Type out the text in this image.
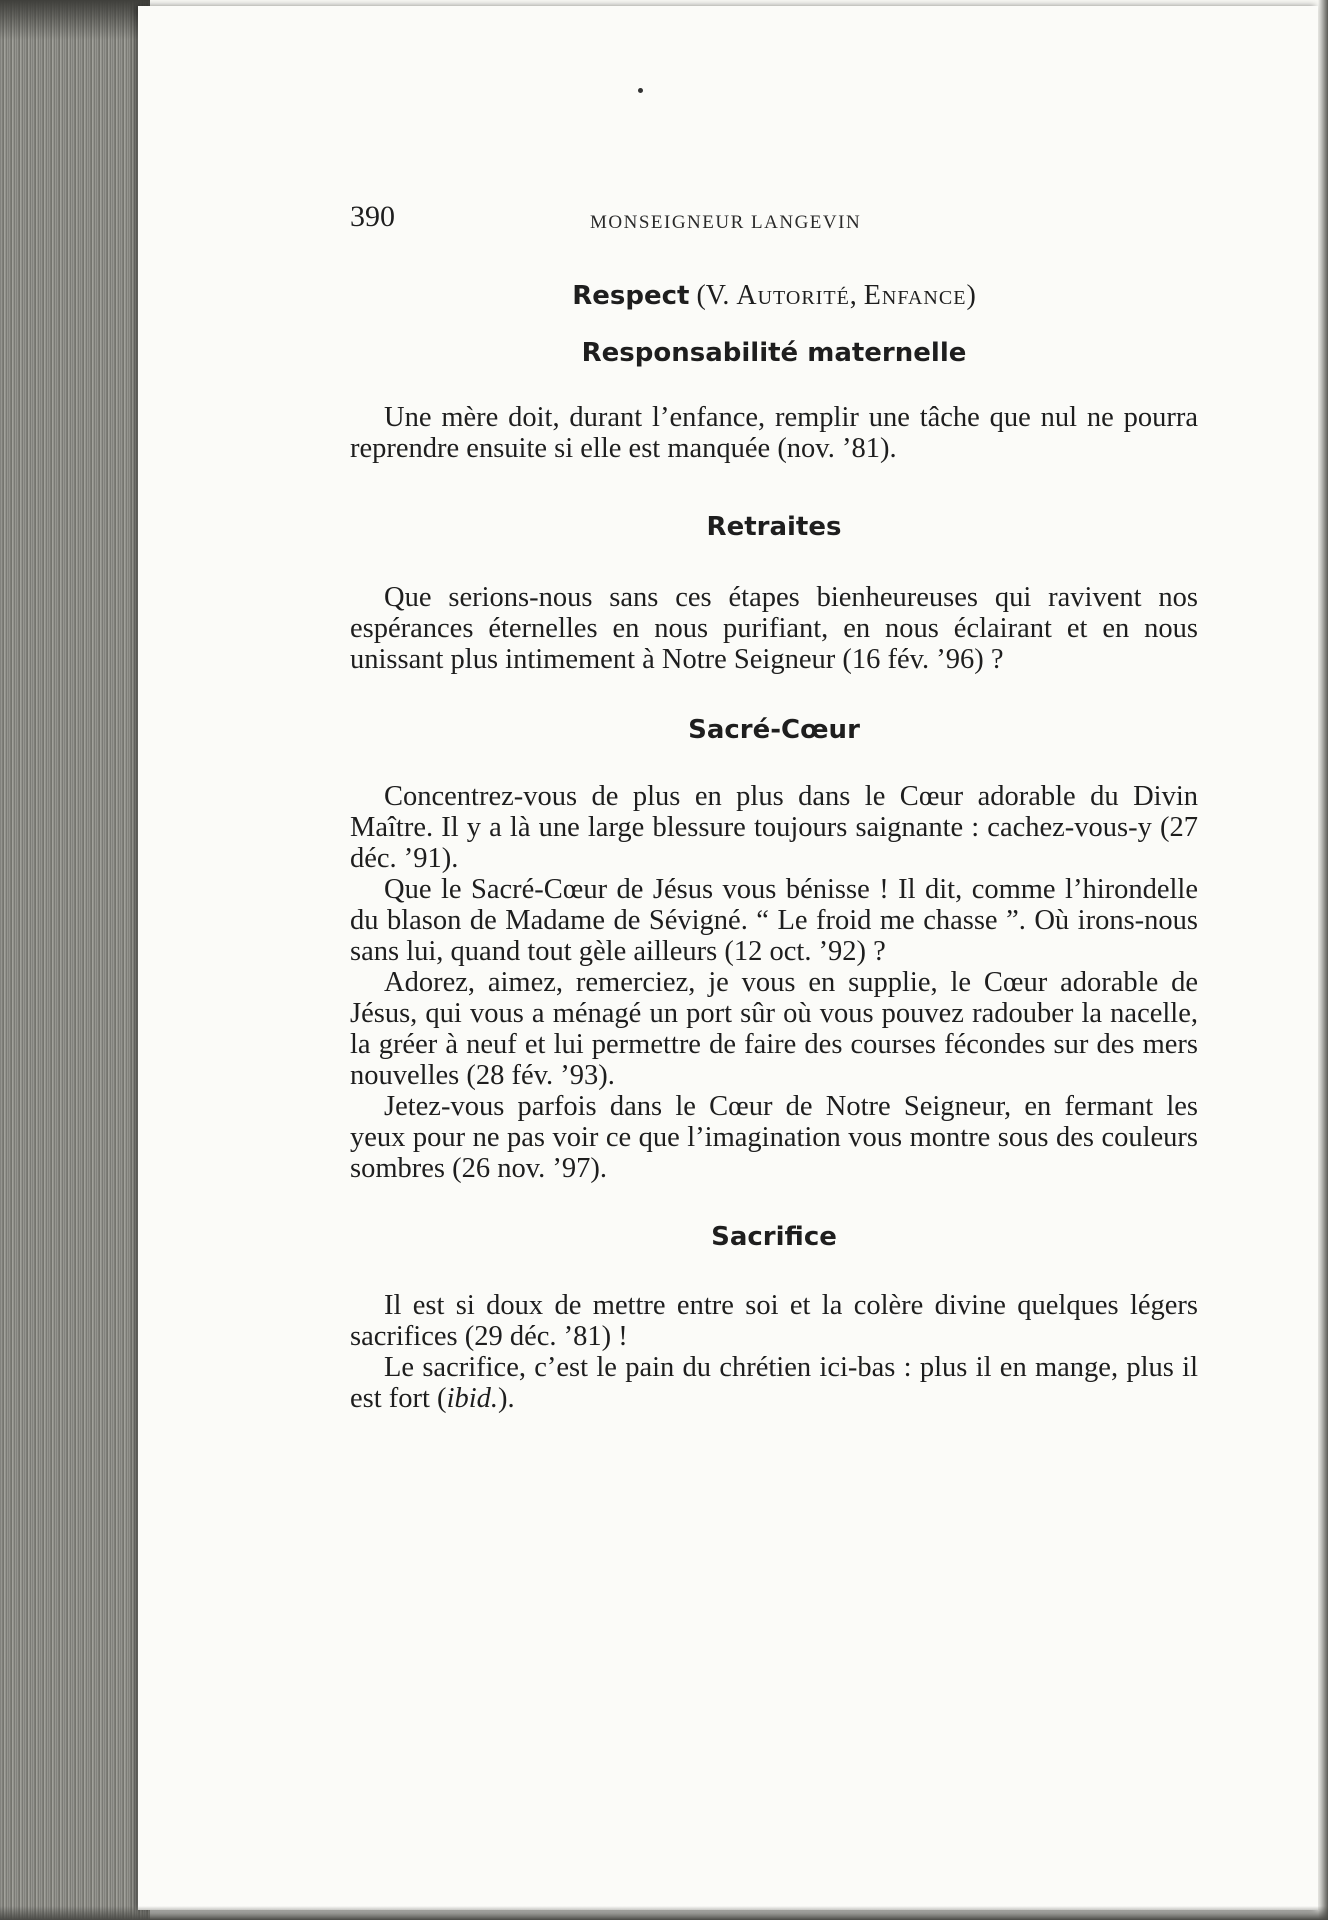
390	MONSEIGNEUR LANGEVIN
Respect (V. Autorité, Enfance)
Responsabilité maternelle

Une mère doit, durant l’enfance, remplir une tâche que nul ne pourra reprendre ensuite si elle est manquée (nov. ’81).

Retraites

Que serions-nous sans ces étapes bienheureuses qui ravivent nos espérances éternelles en nous purifiant, en nous éclairant et en nous unissant plus intimement à Notre Seigneur (16 fév. ’96) ?

Sacré-Cœur

Concentrez-vous de plus en plus dans le Cœur adorable du Divin Maître. Il y a là une large blessure toujours saignante : cachez-vous-y (27 déc. ’91).

Que le Sacré-Cœur de Jésus vous bénisse ! Il dit, comme l’hirondelle du blason de Madame de Sévigné. “ Le froid me chasse ”. Où irons-nous sans lui, quand tout gèle ailleurs (12 oct. ’92) ?

Adorez, aimez, remerciez, je vous en supplie, le Cœur adorable de Jésus, qui vous a ménagé un port sûr où vous pouvez radouber la nacelle, la gréer à neuf et lui permettre de faire des courses fécondes sur des mers nouvelles (28 fév. ’93).

Jetez-vous parfois dans le Cœur de Notre Seigneur, en fermant les yeux pour ne pas voir ce que l’imagination vous montre sous des couleurs sombres (26 nov. ’97).

Sacrifice

Il est si doux de mettre entre soi et la colère divine quelques légers sacrifices (29 déc. ’81) !

Le sacrifice, c’est le pain du chrétien ici-bas : plus il en mange, plus il est fort (ibid.).
